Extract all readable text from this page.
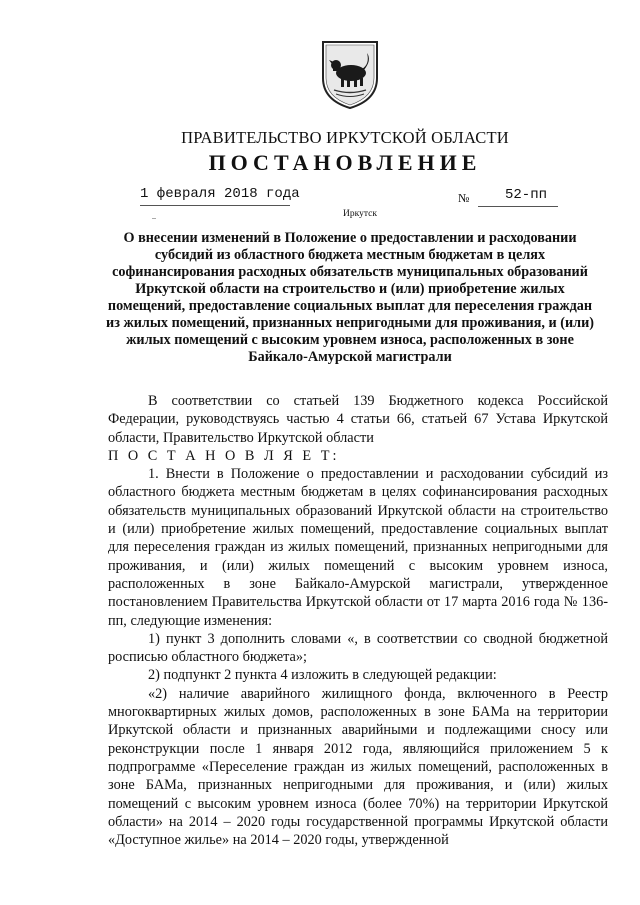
ПРАВИТЕЛЬСТВО ИРКУТСКОЙ ОБЛАСТИ
ПОСТАНОВЛЕНИЕ
1 февраля 2018 года	№	52-пп
Иркутск
О внесении изменений в Положение о предоставлении и расходовании субсидий из областного бюджета местным бюджетам в целях софинансирования расходных обязательств муниципальных образований Иркутской области на строительство и (или) приобретение жилых помещений, предоставление социальных выплат для переселения граждан из жилых помещений, признанных непригодными для проживания, и (или) жилых помещений с высоким уровнем износа, расположенных в зоне Байкало-Амурской магистрали

В соответствии со статьей 139 Бюджетного кодекса Российской Федерации, руководствуясь частью 4 статьи 66, статьей 67 Устава Иркутской области, Правительство Иркутской области

П О С Т А Н О В Л Я Е Т:

1. Внести в Положение о предоставлении и расходовании субсидий из областного бюджета местным бюджетам в целях софинансирования расходных обязательств муниципальных образований Иркутской области на строительство и (или) приобретение жилых помещений, предоставление социальных выплат для переселения граждан из жилых помещений, признанных непригодными для проживания, и (или) жилых помещений с высоким уровнем износа, расположенных в зоне Байкало-Амурской магистрали, утвержденное постановлением Правительства Иркутской области от 17 марта 2016 года № 136-пп, следующие изменения:

1) пункт 3 дополнить словами «, в соответствии со сводной бюджетной росписью областного бюджета»;

2) подпункт 2 пункта 4 изложить в следующей редакции:

«2) наличие аварийного жилищного фонда, включенного в Реестр многоквартирных жилых домов, расположенных в зоне БАМа на территории Иркутской области и признанных аварийными и подлежащими сносу или реконструкции после 1 января 2012 года, являющийся приложением 5 к подпрограмме «Переселение граждан из жилых помещений, расположенных в зоне БАМа, признанных непригодными для проживания, и (или) жилых помещений с высоким уровнем износа (более 70%) на территории Иркутской области» на 2014 – 2020 годы государственной программы Иркутской области «Доступное жилье» на 2014 – 2020 годы, утвержденной
